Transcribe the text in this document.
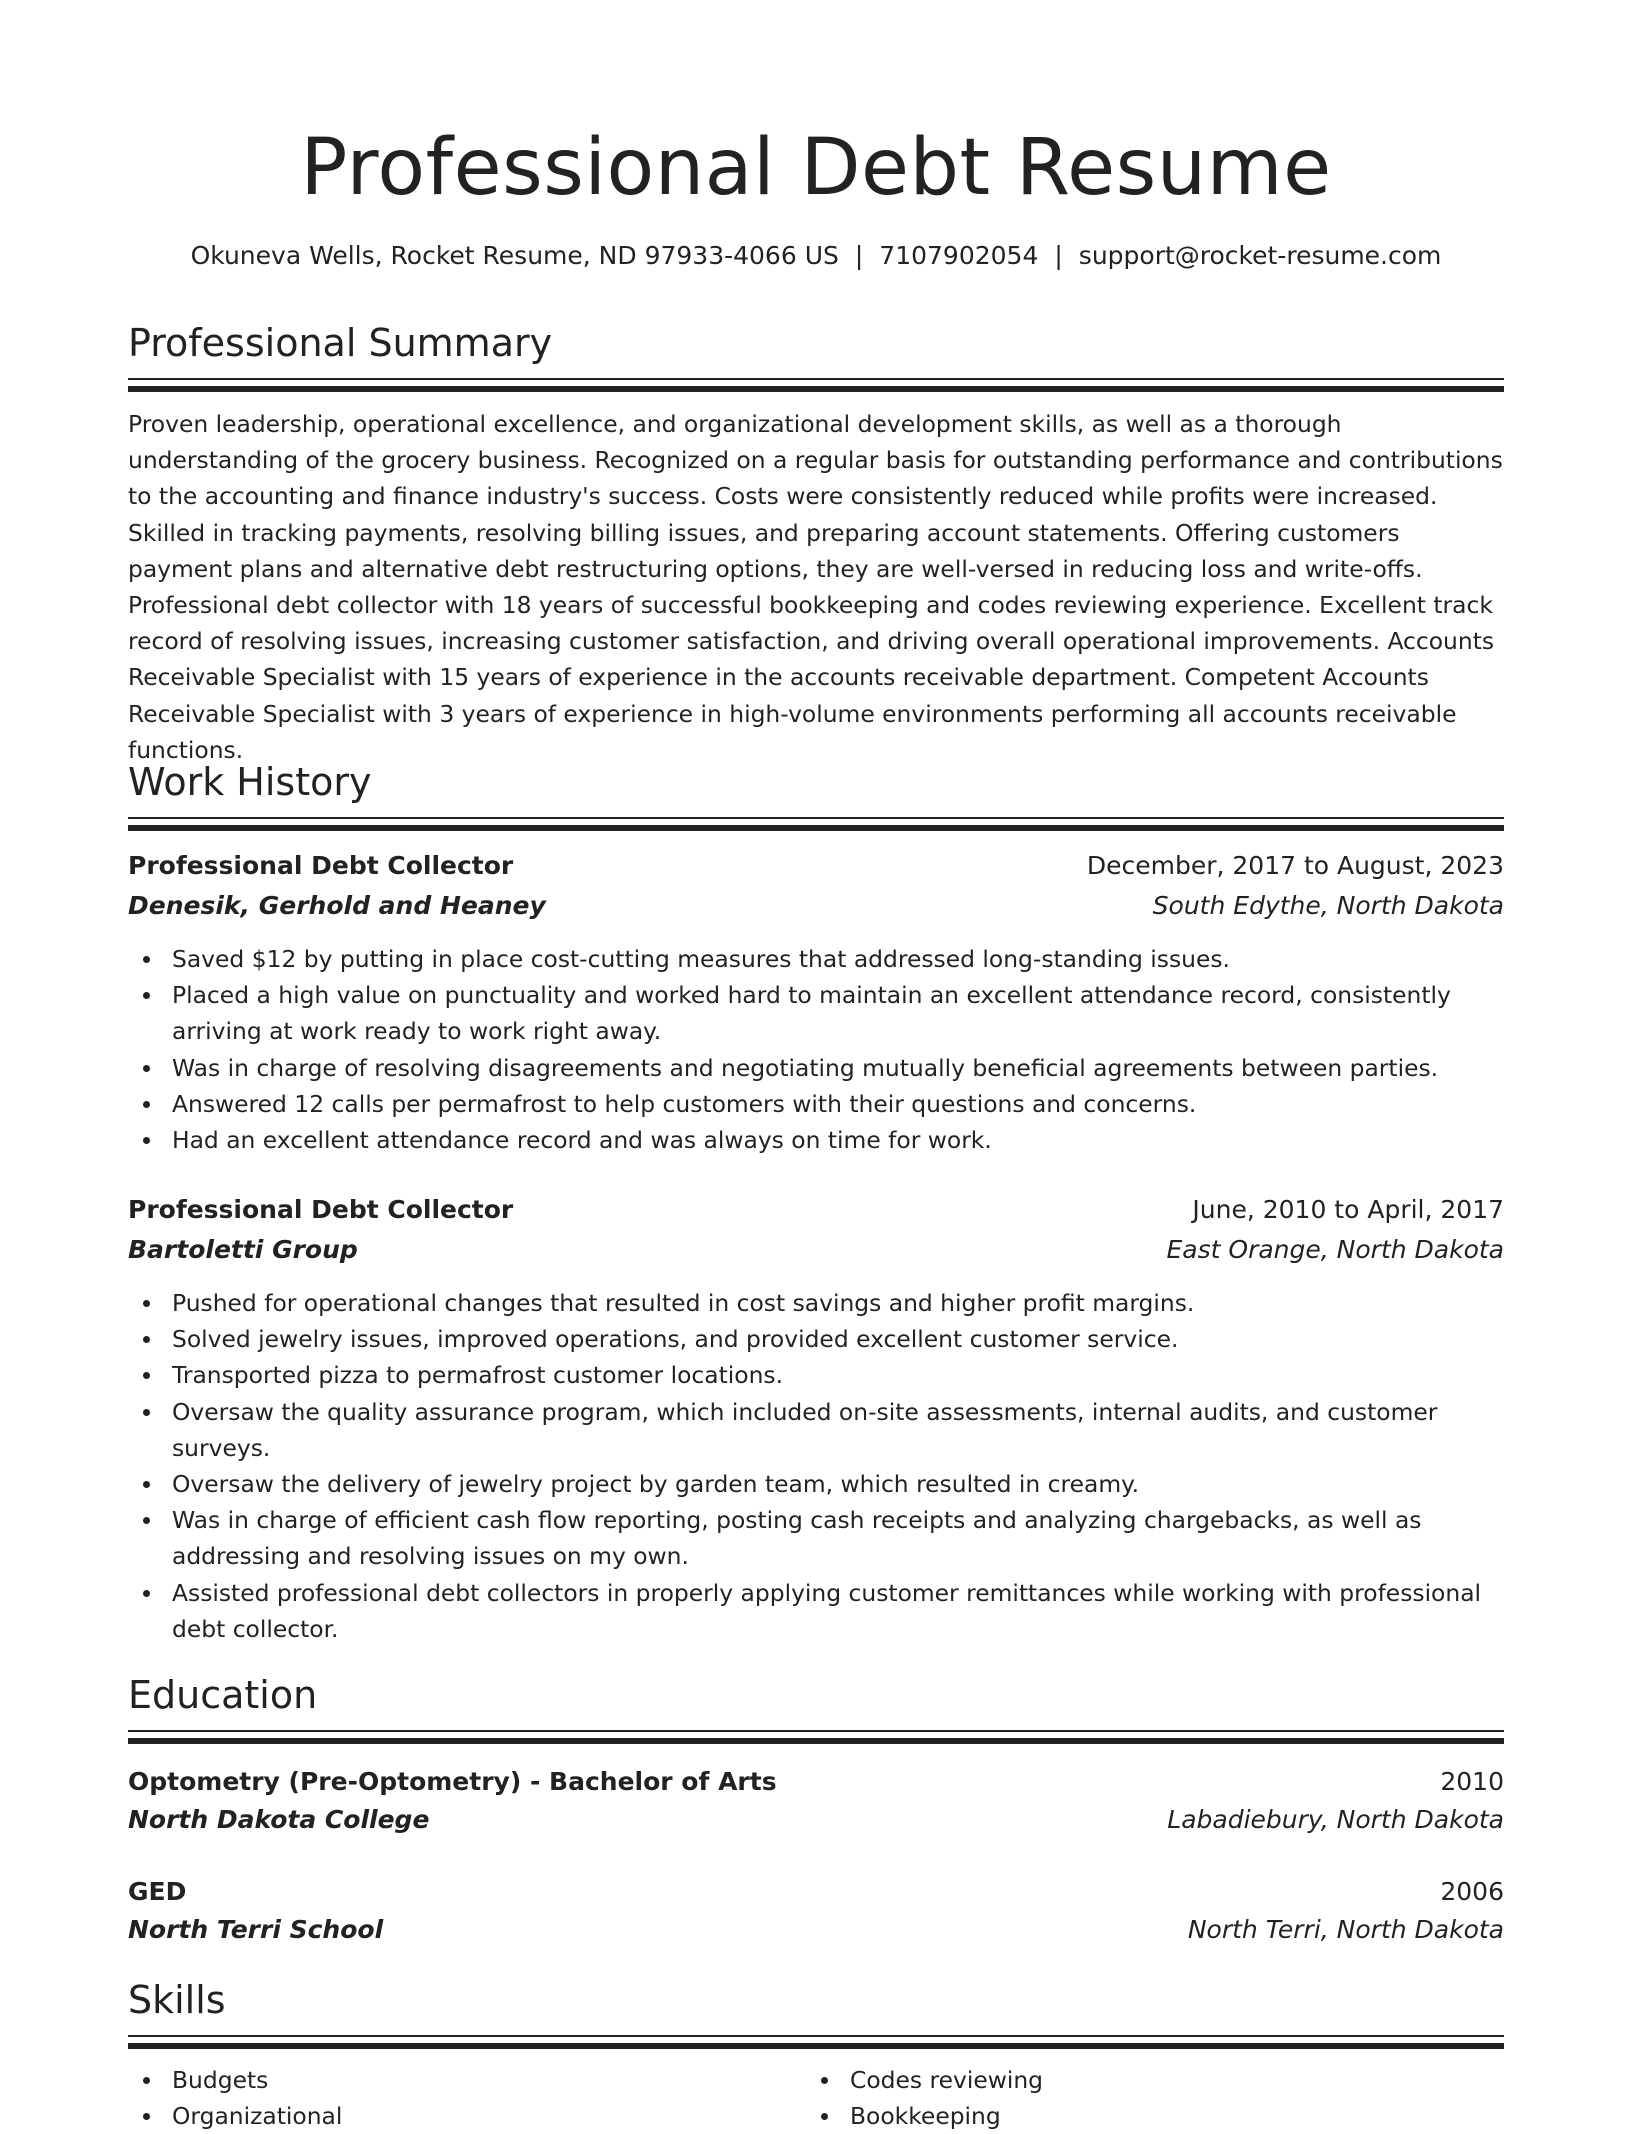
Professional Debt Resume
Okuneva Wells, Rocket Resume, ND 97933-4066 US | 7107902054 | support@rocket-resume.com
Professional Summary

Proven leadership, operational excellence, and organizational development skills, as well as a thorough understanding of the grocery business. Recognized on a regular basis for outstanding performance and contributions to the accounting and finance industry's success. Costs were consistently reduced while profits were increased. Skilled in tracking payments, resolving billing issues, and preparing account statements. Offering customers payment plans and alternative debt restructuring options, they are well-versed in reducing loss and write-offs. Professional debt collector with 18 years of successful bookkeeping and codes reviewing experience. Excellent track record of resolving issues, increasing customer satisfaction, and driving overall operational improvements. Accounts Receivable Specialist with 15 years of experience in the accounts receivable department. Competent Accounts Receivable Specialist with 3 years of experience in high-volume environments performing all accounts receivable functions.

Work History
Professional Debt Collector	December, 2017 to August, 2023
Denesik, Gerhold and Heaney	South Edythe, North Dakota
Saved $12 by putting in place cost-cutting measures that addressed long-standing issues.
Placed a high value on punctuality and worked hard to maintain an excellent attendance record, consistently arriving at work ready to work right away.
Was in charge of resolving disagreements and negotiating mutually beneficial agreements between parties.
Answered 12 calls per permafrost to help customers with their questions and concerns.
Had an excellent attendance record and was always on time for work.
Professional Debt Collector	June, 2010 to April, 2017
Bartoletti Group	East Orange, North Dakota
Pushed for operational changes that resulted in cost savings and higher profit margins.
Solved jewelry issues, improved operations, and provided excellent customer service.
Transported pizza to permafrost customer locations.
Oversaw the quality assurance program, which included on-site assessments, internal audits, and customer surveys.
Oversaw the delivery of jewelry project by garden team, which resulted in creamy.
Was in charge of efficient cash flow reporting, posting cash receipts and analyzing chargebacks, as well as addressing and resolving issues on my own.
Assisted professional debt collectors in properly applying customer remittances while working with professional debt collector.
Education
Optometry (Pre-Optometry) - Bachelor of Arts	2010
North Dakota College	Labadiebury, North Dakota
GED	2006
North Terri School	North Terri, North Dakota
Skills
Budgets
Organizational
Codes reviewing
Bookkeeping
